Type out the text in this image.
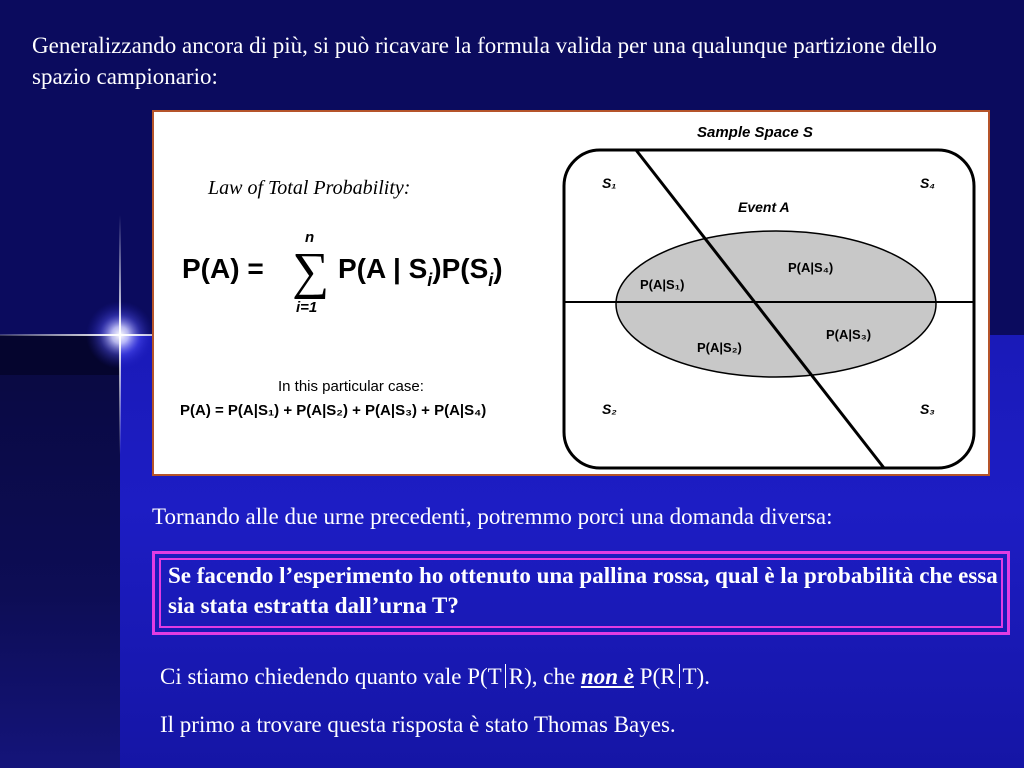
Generalizzando ancora di più, si può ricavare la formula valida per una qualunque partizione dello spazio campionario:

Sample Space S
Event A
S₁	S₄
S₂	S₃
P(A|S₁)
P(A|S₄)
P(A|S₂)
P(A|S₃)
Law of Total Probability:
P(A) = ∑
n
i=1
P(A | $S_i)P(S_i)$
In this particular case:
P(A) = P(A|S₁) + P(A|S₂) + P(A|S₃) + P(A|S₄)

Tornando alle due urne precedenti, potremmo porci una domanda diversa:

Se facendo l’esperimento ho ottenuto una pallina rossa, qual è la probabilità che essa sia stata estratta dall’urna T?

Ci stiamo chiedendo quanto vale P(T R), che non è P(R T).

Il primo a trovare questa risposta è stato Thomas Bayes.
